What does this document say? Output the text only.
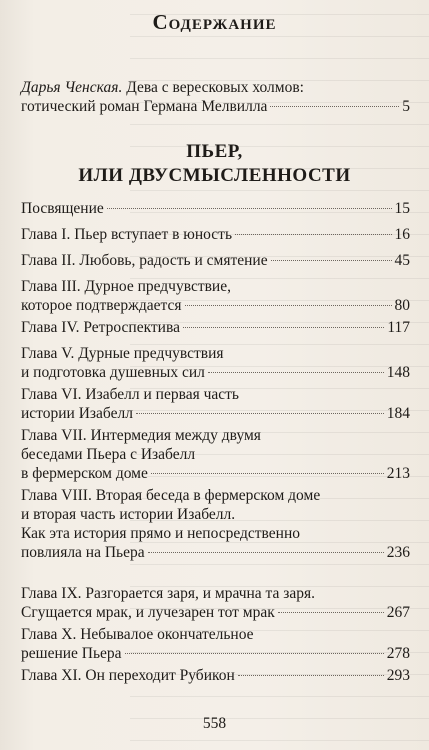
Содержание
Дарья Ченская. Дева с вересковых холмов:
готический роман Германа Мелвилла	5
ПЬЕР,
ИЛИ ДВУСМЫСЛЕННОСТИ
Посвящение	15
Глава I. Пьер вступает в юность	16
Глава II. Любовь, радость и смятение	45
Глава III. Дурное предчувствие,
которое подтверждается	80
Глава IV. Ретроспектива	117
Глава V. Дурные предчувствия
и подготовка душевных сил	148
Глава VI. Изабелл и первая часть
истории Изабелл	184
Глава VII. Интермедия между двумя
беседами Пьера с Изабелл
в фермерском доме	213
Глава VIII. Вторая беседа в фермерском доме
и вторая часть истории Изабелл.
Как эта история прямо и непосредственно
повлияла на Пьера	236
Глава IX. Разгорается заря, и мрачна та заря.
Сгущается мрак, и лучезарен тот мрак	267
Глава X. Небывалое окончательное
решение Пьера	278
Глава XI. Он переходит Рубикон	293
558
